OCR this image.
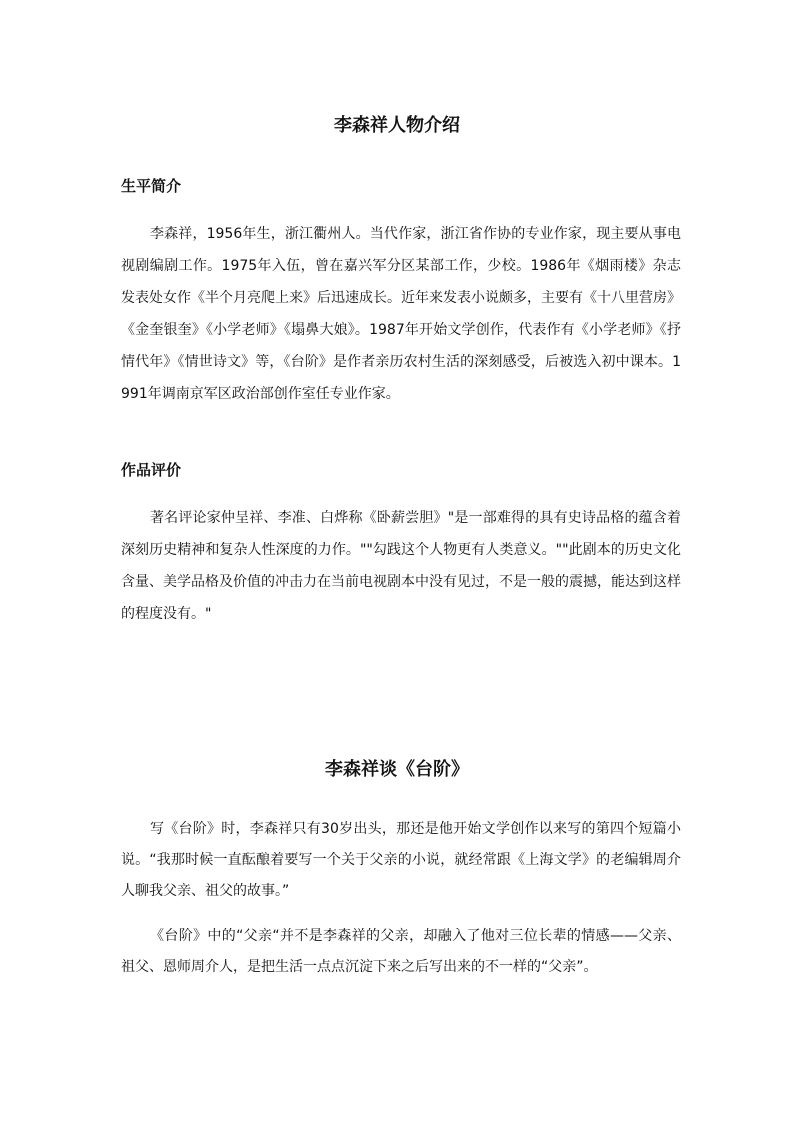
李森祥人物介绍
生平简介

李森祥，1956年生，浙江衢州人。当代作家，浙江省作协的专业作家，现主要从事电视剧编剧工作。1975年入伍，曾在嘉兴军分区某部工作，少校。1986年《烟雨楼》杂志发表处女作《半个月亮爬上来》后迅速成长。近年来发表小说颇多，主要有《十八里营房》《金奎银奎》《小学老师》《塌鼻大娘》。1987年开始文学创作，代表作有《小学老师》《抒情代年》《情世诗文》等，《台阶》是作者亲历农村生活的深刻感受，后被选入初中课本。1991年调南京军区政治部创作室任专业作家。

作品评价

著名评论家仲呈祥、李准、白烨称《卧薪尝胆》"是一部难得的具有史诗品格的蕴含着深刻历史精神和复杂人性深度的力作。""勾践这个人物更有人类意义。""此剧本的历史文化含量、美学品格及价值的冲击力在当前电视剧本中没有见过，不是一般的震撼，能达到这样的程度没有。"

李森祥谈《台阶》

写《台阶》时，李森祥只有30岁出头，那还是他开始文学创作以来写的第四个短篇小说。“我那时候一直酝酿着要写一个关于父亲的小说，就经常跟《上海文学》的老编辑周介人聊我父亲、祖父的故事。”

《台阶》中的“父亲“并不是李森祥的父亲，却融入了他对三位长辈的情感——父亲、祖父、恩师周介人，是把生活一点点沉淀下来之后写出来的不一样的“父亲”。
